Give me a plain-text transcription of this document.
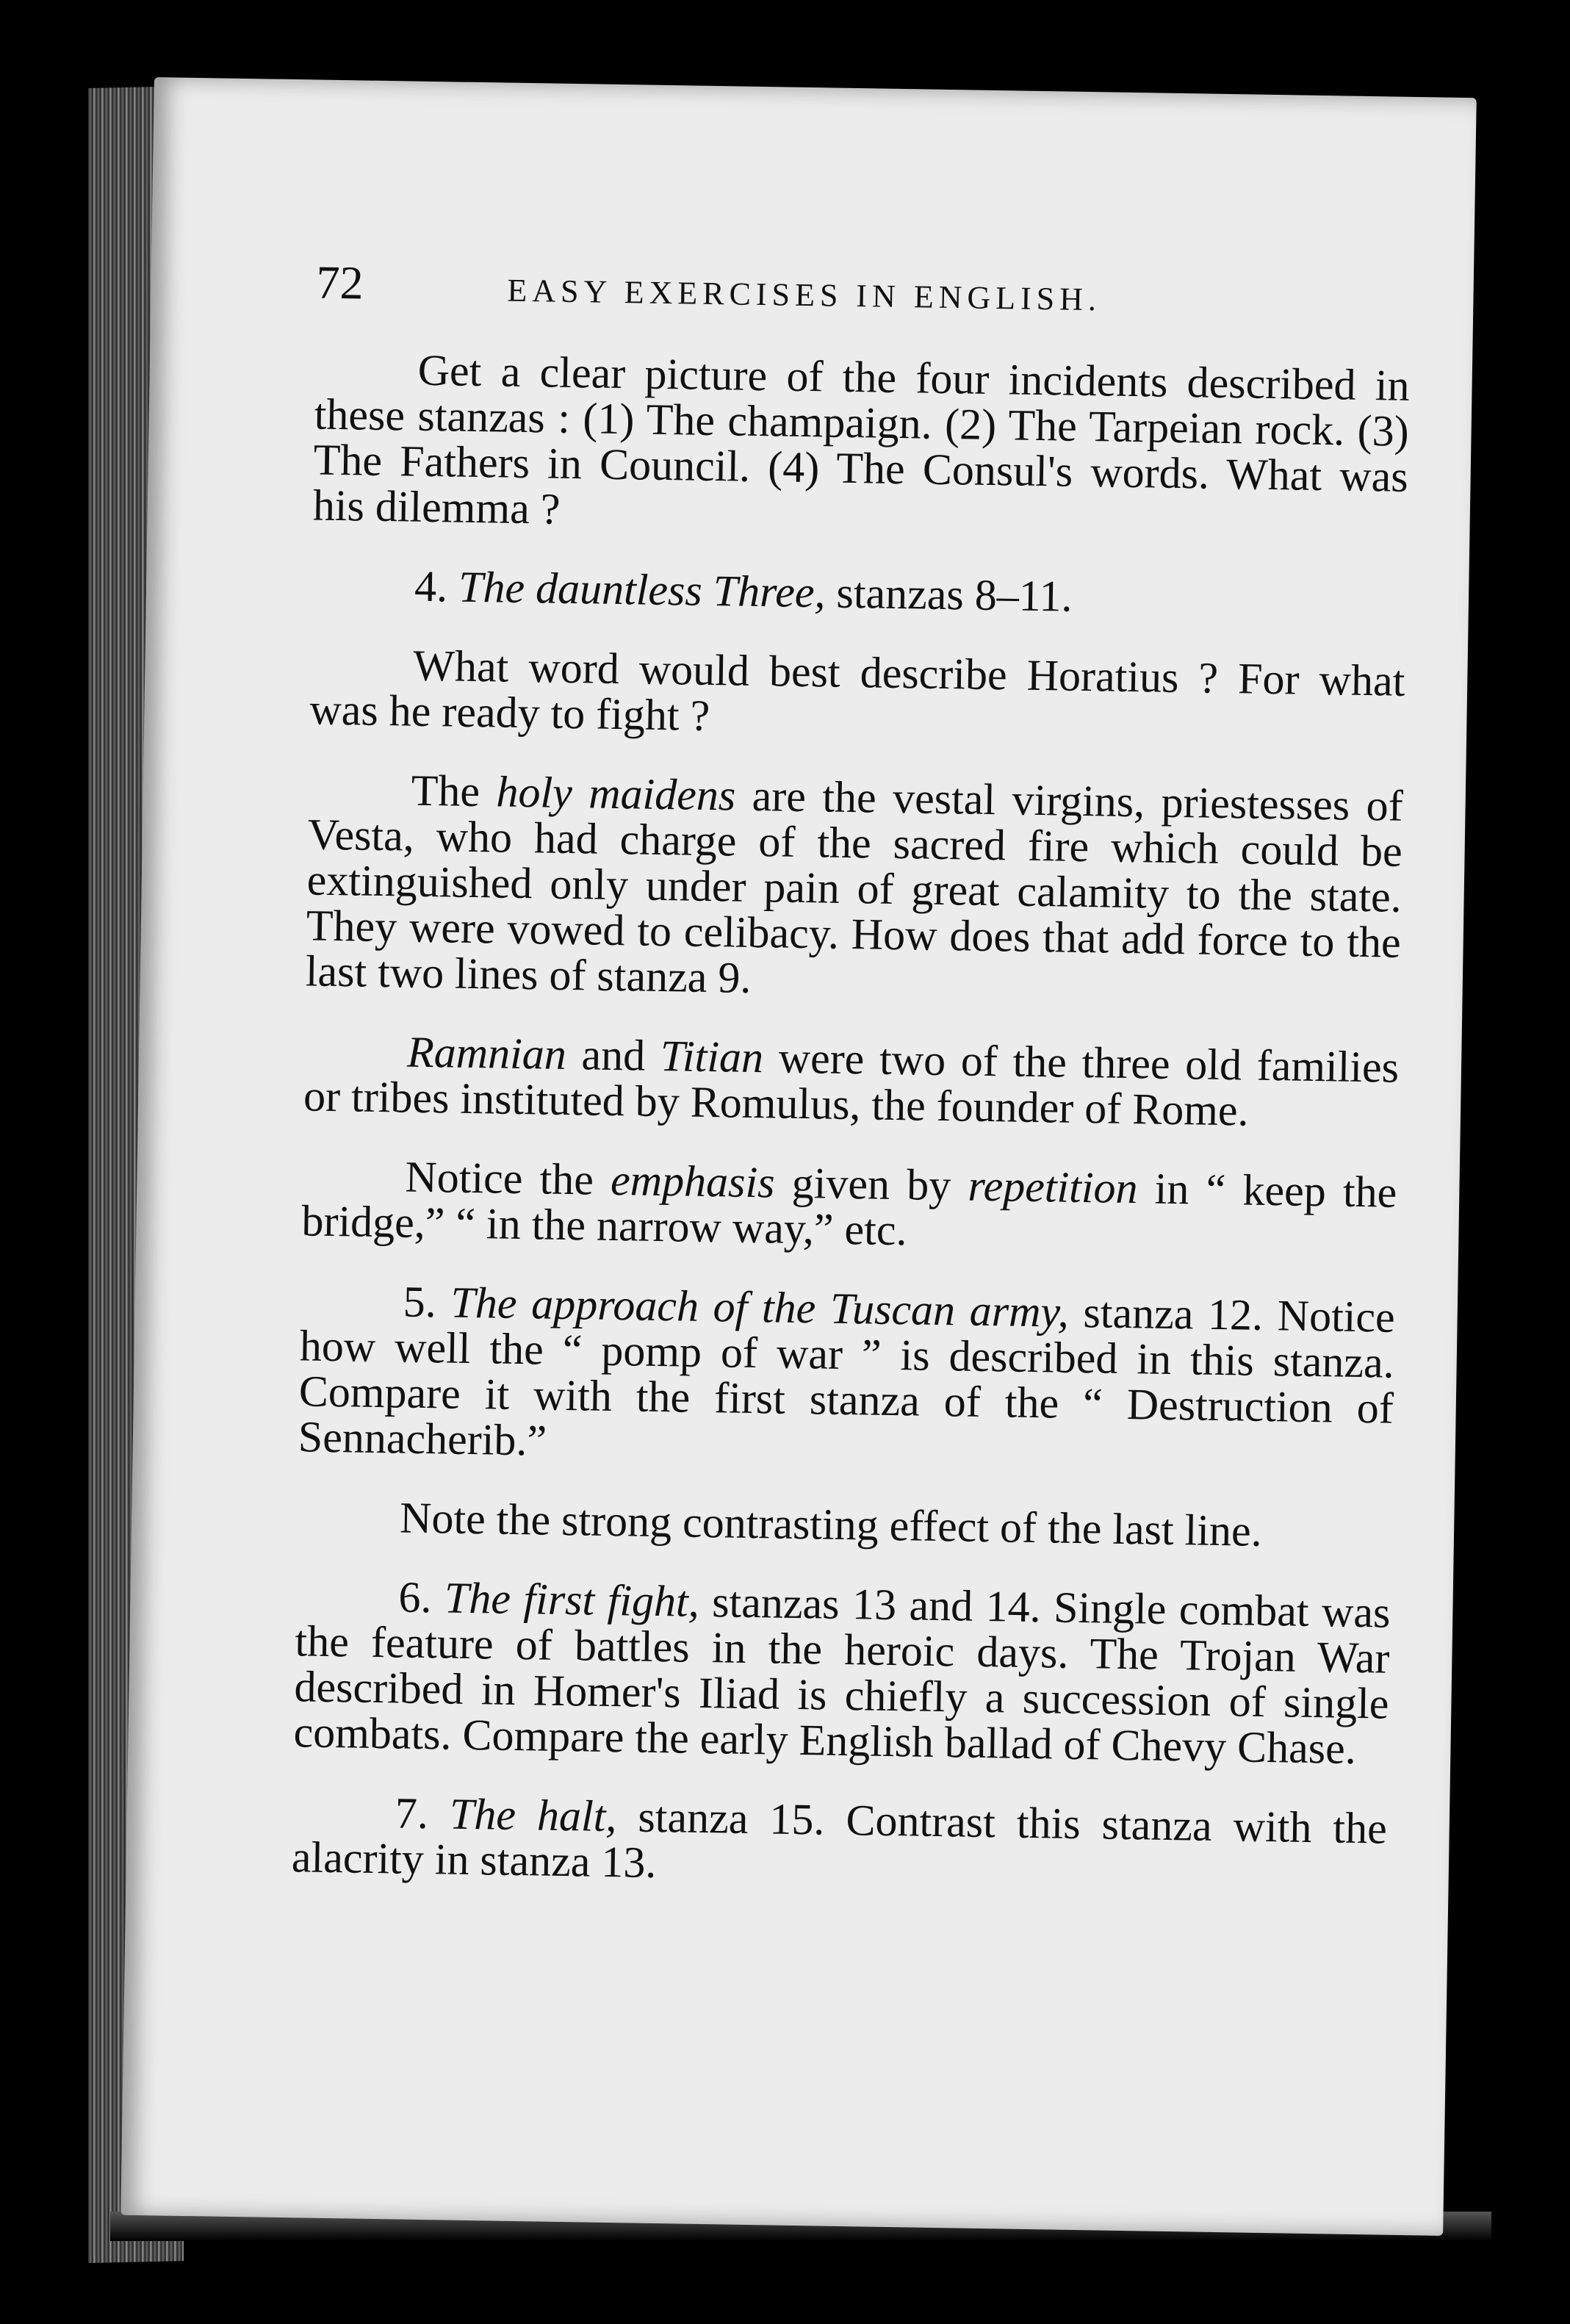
72	EASY EXERCISES IN ENGLISH.

Get a clear picture of the four incidents described in these stanzas : (1) The champaign. (2) The Tarpeian rock. (3) The Fathers in Council. (4) The Consul's words. What was his dilemma ?

4. The dauntless Three, stanzas 8–11.

What word would best describe Horatius ? For what was he ready to fight ?

The holy maidens are the vestal virgins, priestesses of Vesta, who had charge of the sacred fire which could be extinguished only under pain of great calamity to the state. They were vowed to celibacy. How does that add force to the last two lines of stanza 9.

Ramnian and Titian were two of the three old families or tribes instituted by Romulus, the founder of Rome.

Notice the emphasis given by repetition in “ keep the bridge,” “ in the narrow way,” etc.

5. The approach of the Tuscan army, stanza 12. Notice how well the “ pomp of war ” is described in this stanza. Compare it with the first stanza of the “ Destruction of Sennacherib.”

Note the strong contrasting effect of the last line.

6. The first fight, stanzas 13 and 14. Single combat was the feature of battles in the heroic days. The Trojan War described in Homer's Iliad is chiefly a succession of single combats. Compare the early English ballad of Chevy Chase.

7. The halt, stanza 15. Contrast this stanza with the alacrity in stanza 13.
